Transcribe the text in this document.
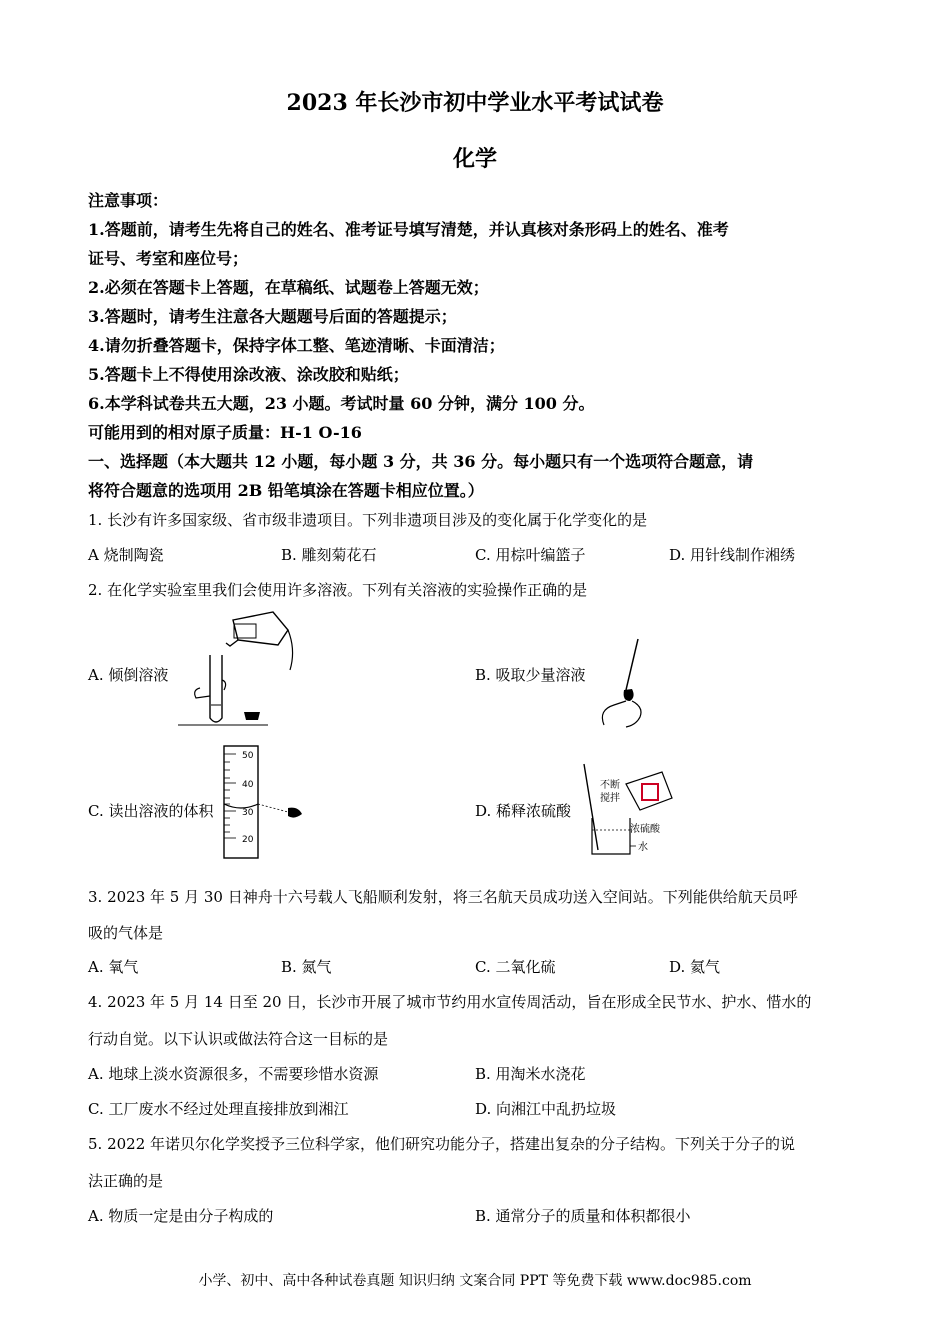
2023 年长沙市初中学业水平考试试卷
化学
注意事项：
1.答题前，请考生先将自己的姓名、准考证号填写清楚，并认真核对条形码上的姓名、准考
证号、考室和座位号；
2.必须在答题卡上答题，在草稿纸、试题卷上答题无效；
3.答题时，请考生注意各大题题号后面的答题提示；
4.请勿折叠答题卡，保持字体工整、笔迹清晰、卡面清洁；
5.答题卡上不得使用涂改液、涂改胶和贴纸；
6.本学科试卷共五大题，23 小题。考试时量 60 分钟，满分 100 分。
可能用到的相对原子质量：H-1 O-16
一、选择题（本大题共 12 小题，每小题 3 分，共 36 分。每小题只有一个选项符合题意，请
将符合题意的选项用 2B 铅笔填涂在答题卡相应位置。）
1. 长沙有许多国家级、省市级非遗项目。下列非遗项目涉及的变化属于化学变化的是
A 烧制陶瓷	B. 雕刻菊花石	C. 用棕叶编篮子	D. 用针线制作湘绣
2. 在化学实验室里我们会使用许多溶液。下列有关溶液的实验操作正确的是
A. 倾倒溶液	B. 吸取少量溶液
C. 读出溶液的体积
50
40
30
20
D. 稀释浓硫酸
不断
搅拌
浓硫酸
水
3. 2023 年 5 月 30 日神舟十六号载人飞船顺利发射，将三名航天员成功送入空间站。下列能供给航天员呼
吸的气体是
A. 氧气	B. 氮气	C. 二氧化硫	D. 氦气
4. 2023 年 5 月 14 日至 20 日，长沙市开展了城市节约用水宣传周活动，旨在形成全民节水、护水、惜水的
行动自觉。以下认识或做法符合这一目标的是
A. 地球上淡水资源很多，不需要珍惜水资源	B. 用淘米水浇花
C. 工厂废水不经过处理直接排放到湘江	D. 向湘江中乱扔垃圾
5. 2022 年诺贝尔化学奖授予三位科学家，他们研究功能分子，搭建出复杂的分子结构。下列关于分子的说
法正确的是
A. 物质一定是由分子构成的	B. 通常分子的质量和体积都很小
小学、初中、高中各种试卷真题 知识归纳 文案合同 PPT 等免费下载 www.doc985.com
